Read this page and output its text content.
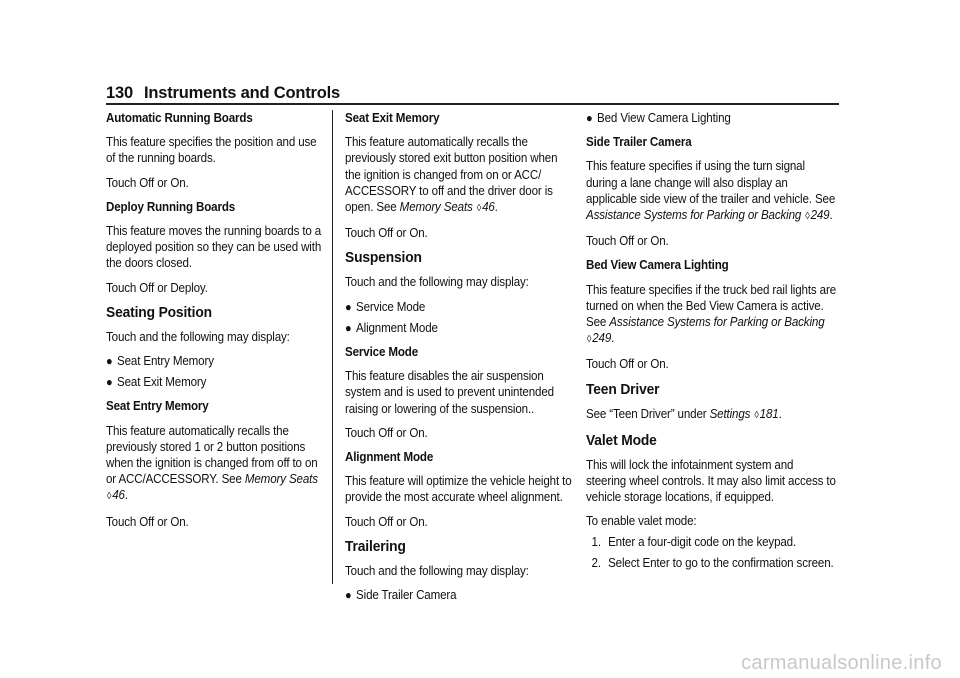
130 Instruments and Controls

Automatic Running Boards

This feature specifies the position and use of the running boards.

Touch Off or On.

Deploy Running Boards

This feature moves the running boards to a deployed position so they can be used with the doors closed.

Touch Off or Deploy.

Seating Position

Touch and the following may display:

● Seat Entry Memory
● Seat Exit Memory

Seat Entry Memory

This feature automatically recalls the previously stored 1 or 2 button positions when the ignition is changed from off to on or ACC/ACCESSORY. See Memory Seats ◊46.

Touch Off or On.

Seat Exit Memory

This feature automatically recalls the previously stored exit button position when the ignition is changed from on or ACC/ ACCESSORY to off and the driver door is open. See Memory Seats ◊46.

Touch Off or On.

Suspension

Touch and the following may display:

● Service Mode
● Alignment Mode

Service Mode

This feature disables the air suspension system and is used to prevent unintended raising or lowering of the suspension..

Touch Off or On.

Alignment Mode

This feature will optimize the vehicle height to provide the most accurate wheel alignment.

Touch Off or On.

Trailering

Touch and the following may display:

● Side Trailer Camera
● Bed View Camera Lighting

Side Trailer Camera

This feature specifies if using the turn signal during a lane change will also display an applicable side view of the trailer and vehicle. See Assistance Systems for Parking or Backing ◊249.

Touch Off or On.

Bed View Camera Lighting

This feature specifies if the truck bed rail lights are turned on when the Bed View Camera is active. See Assistance Systems for Parking or Backing ◊249.

Touch Off or On.

Teen Driver

See “Teen Driver” under Settings ◊181.

Valet Mode

This will lock the infotainment system and steering wheel controls. It may also limit access to vehicle storage locations, if equipped.

To enable valet mode:

1. Enter a four-digit code on the keypad.
2. Select Enter to go to the confirmation screen.
carmanualsonline.info
